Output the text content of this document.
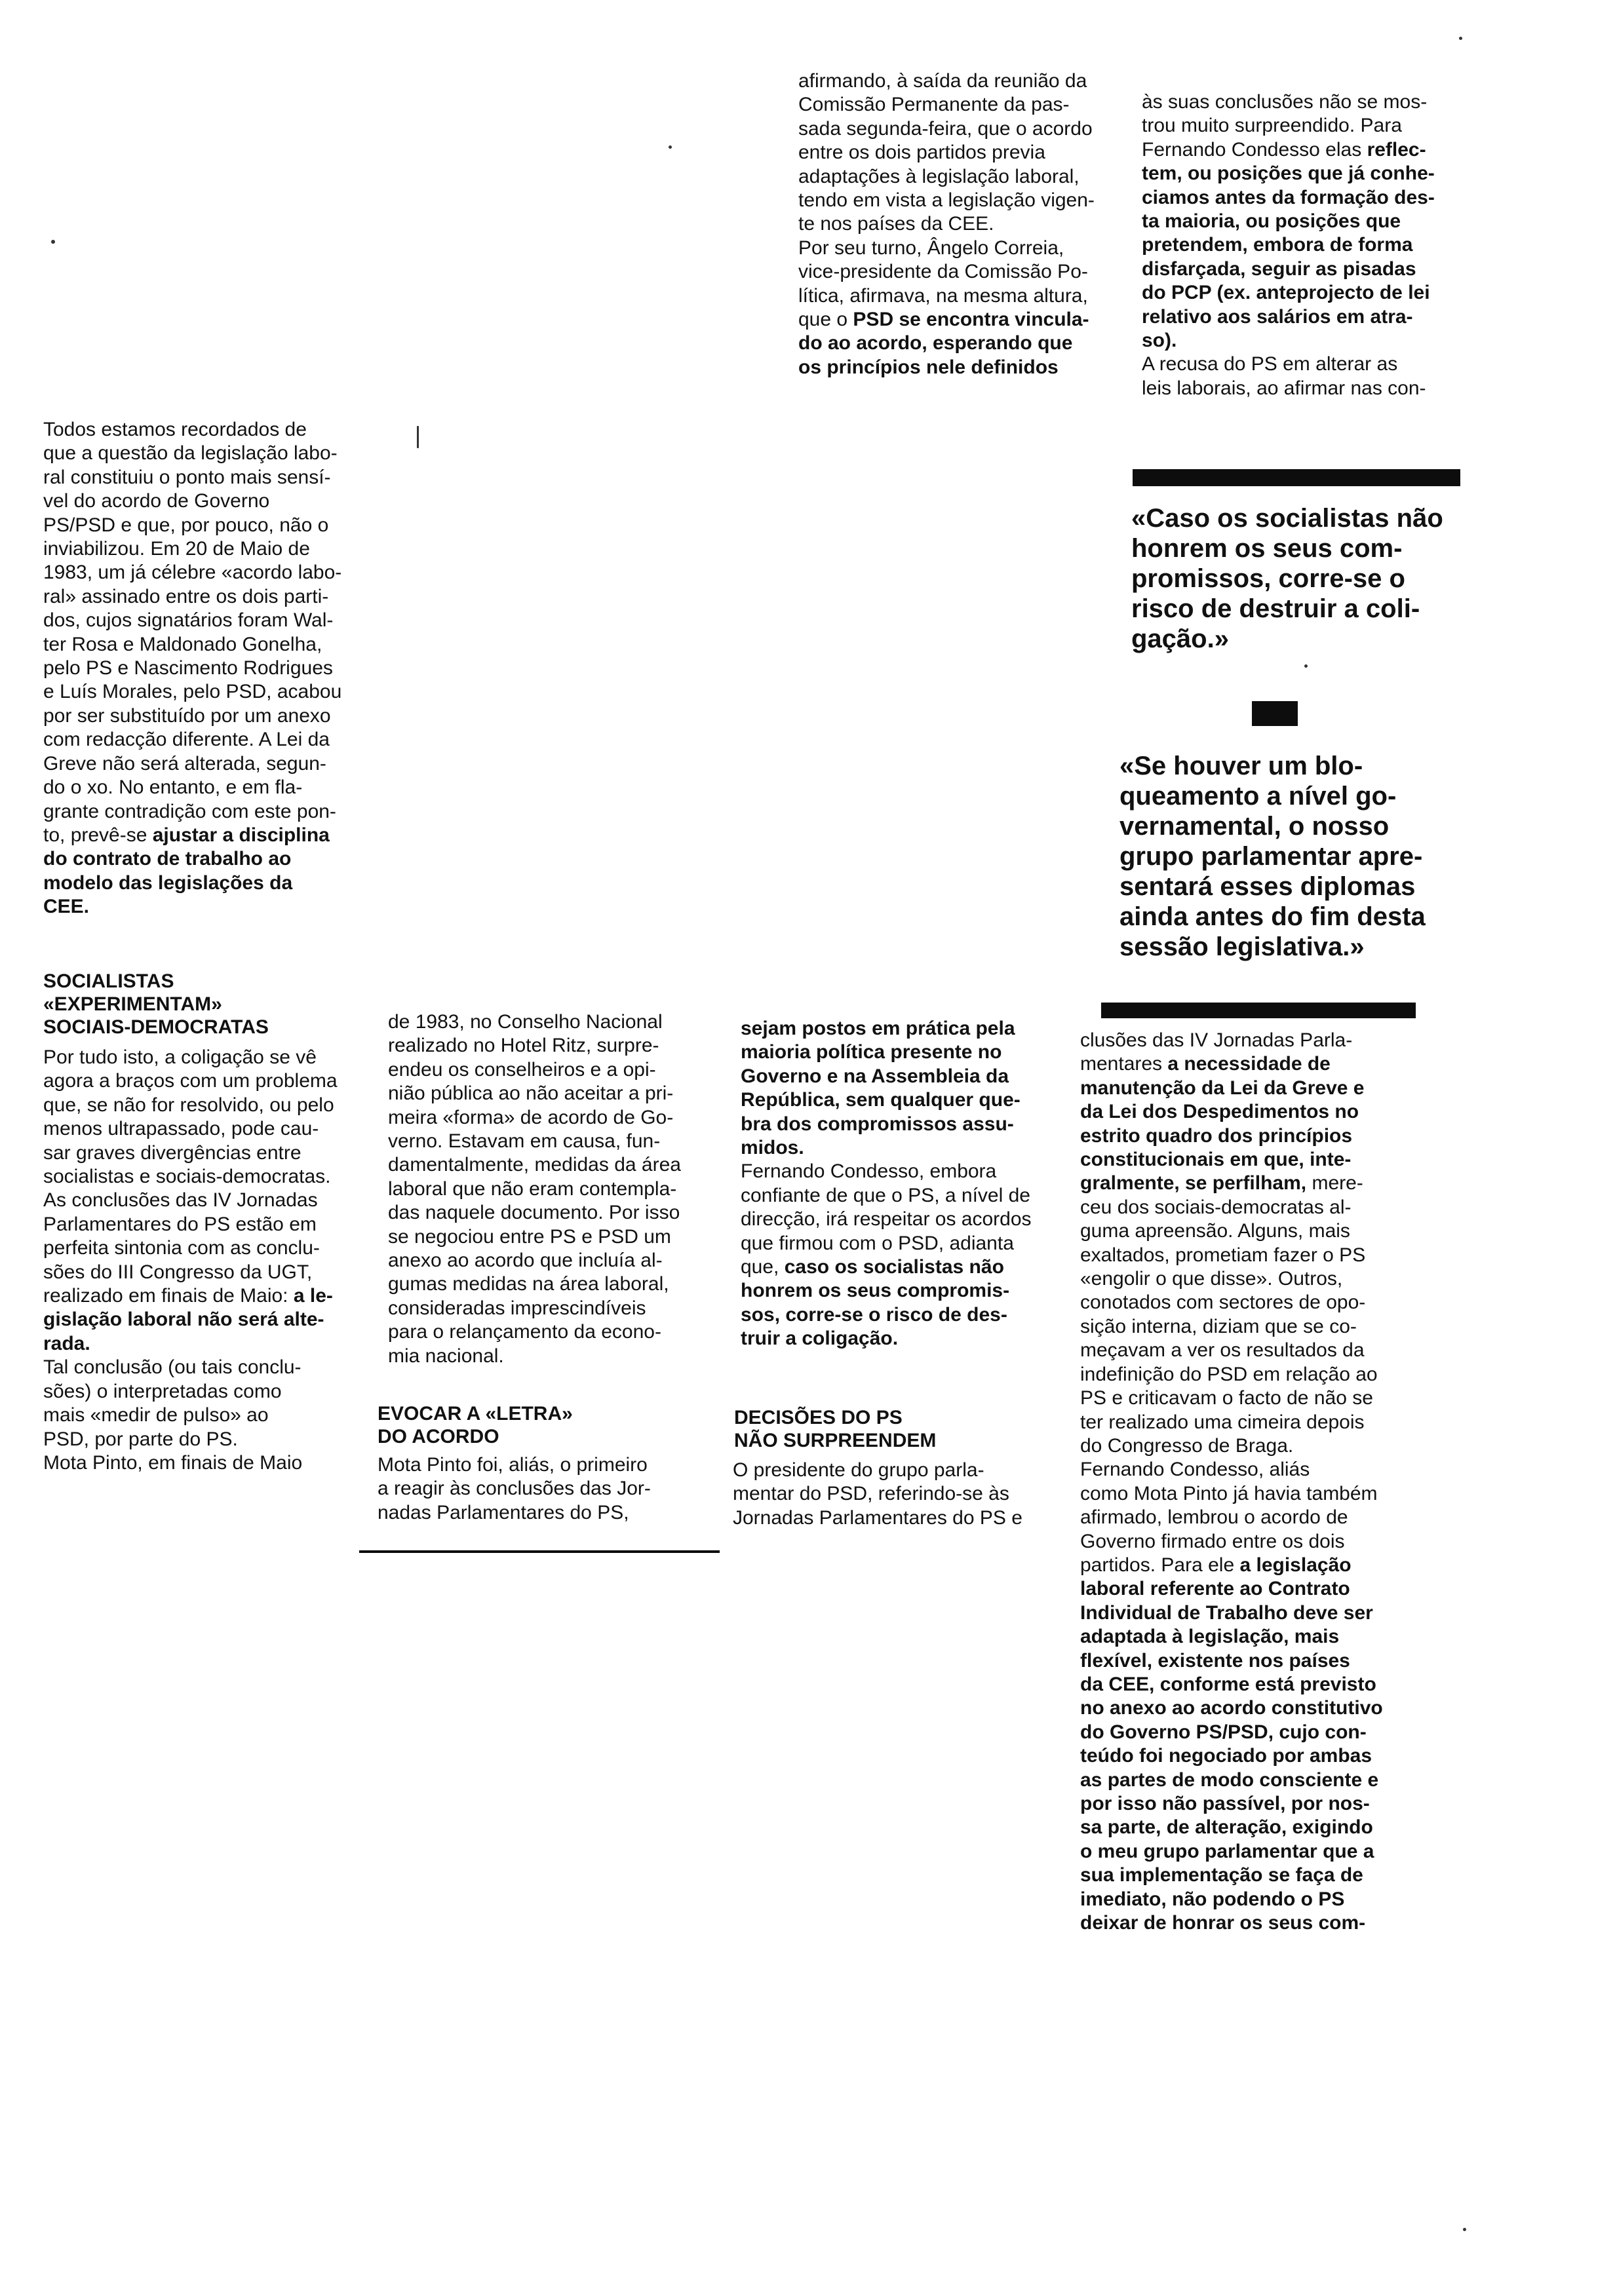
afirmando, à saída da reunião da
Comissão Permanente da pas-
sada segunda-feira, que o acordo
entre os dois partidos previa
adaptações à legislação laboral,
tendo em vista a legislação vigen-
te nos países da CEE.
Por seu turno, Ângelo Correia,
vice-presidente da Comissão Po-
lítica, afirmava, na mesma altura,
que o PSD se encontra vincula-
do ao acordo, esperando que
os princípios nele definidos

às suas conclusões não se mos-
trou muito surpreendido. Para
Fernando Condesso elas reflec-
tem, ou posições que já conhe-
ciamos antes da formação des-
ta maioria, ou posições que
pretendem, embora de forma
disfarçada, seguir as pisadas
do PCP (ex. anteprojecto de lei
relativo aos salários em atra-
so).
A recusa do PS em alterar as
leis laborais, ao afirmar nas con-

Todos estamos recordados de
que a questão da legislação labo-
ral constituiu o ponto mais sensí-
vel do acordo de Governo
PS/PSD e que, por pouco, não o
inviabilizou. Em 20 de Maio de
1983, um já célebre «acordo labo-
ral» assinado entre os dois parti-
dos, cujos signatários foram Wal-
ter Rosa e Maldonado Gonelha,
pelo PS e Nascimento Rodrigues
e Luís Morales, pelo PSD, acabou
por ser substituído por um anexo
com redacção diferente. A Lei da
Greve não será alterada, segun-
do o xo. No entanto, e em fla-
grante contradição com este pon-
to, prevê-se ajustar a disciplina
do contrato de trabalho ao
modelo das legislações da
CEE.

SOCIALISTAS
«EXPERIMENTAM»
SOCIAIS-DEMOCRATAS

Por tudo isto, a coligação se vê
agora a braços com um problema
que, se não for resolvido, ou pelo
menos ultrapassado, pode cau-
sar graves divergências entre
socialistas e sociais-democratas.
As conclusões das IV Jornadas
Parlamentares do PS estão em
perfeita sintonia com as conclu-
sões do III Congresso da UGT,
realizado em finais de Maio: a le-
gislação laboral não será alte-
rada.
Tal conclusão (ou tais conclu-
sões) o interpretadas como
mais «medir de pulso» ao
PSD, por parte do PS.
Mota Pinto, em finais de Maio

de 1983, no Conselho Nacional
realizado no Hotel Ritz, surpre-
endeu os conselheiros e a opi-
nião pública ao não aceitar a pri-
meira «forma» de acordo de Go-
verno. Estavam em causa, fun-
damentalmente, medidas da área
laboral que não eram contempla-
das naquele documento. Por isso
se negociou entre PS e PSD um
anexo ao acordo que incluía al-
gumas medidas na área laboral,
consideradas imprescindíveis
para o relançamento da econo-
mia nacional.

EVOCAR A «LETRA»
DO ACORDO

Mota Pinto foi, aliás, o primeiro
a reagir às conclusões das Jor-
nadas Parlamentares do PS,

sejam postos em prática pela
maioria política presente no
Governo e na Assembleia da
República, sem qualquer que-
bra dos compromissos assu-
midos.
Fernando Condesso, embora
confiante de que o PS, a nível de
direcção, irá respeitar os acordos
que firmou com o PSD, adianta
que, caso os socialistas não
honrem os seus compromis-
sos, corre-se o risco de des-
truir a coligação.

DECISÕES DO PS
NÃO SURPREENDEM

O presidente do grupo parla-
mentar do PSD, referindo-se às
Jornadas Parlamentares do PS e

clusões das IV Jornadas Parla-
mentares a necessidade de
manutenção da Lei da Greve e
da Lei dos Despedimentos no
estrito quadro dos princípios
constitucionais em que, inte-
gralmente, se perfilham, mere-
ceu dos sociais-democratas al-
guma apreensão. Alguns, mais
exaltados, prometiam fazer o PS
«engolir o que disse». Outros,
conotados com sectores de opo-
sição interna, diziam que se co-
meçavam a ver os resultados da
indefinição do PSD em relação ao
PS e criticavam o facto de não se
ter realizado uma cimeira depois
do Congresso de Braga.
Fernando Condesso, aliás
como Mota Pinto já havia também
afirmado, lembrou o acordo de
Governo firmado entre os dois
partidos. Para ele a legislação
laboral referente ao Contrato
Individual de Trabalho deve ser
adaptada à legislação, mais
flexível, existente nos países
da CEE, conforme está previsto
no anexo ao acordo constitutivo
do Governo PS/PSD, cujo con-
teúdo foi negociado por ambas
as partes de modo consciente e
por isso não passível, por nos-
sa parte, de alteração, exigindo
o meu grupo parlamentar que a
sua implementação se faça de
imediato, não podendo o PS
deixar de honrar os seus com-

«Caso os socialistas não
honrem os seus com-
promissos, corre-se o
risco de destruir a coli-
gação.»

«Se houver um blo-
queamento a nível go-
vernamental, o nosso
grupo parlamentar apre-
sentará esses diplomas
ainda antes do fim desta
sessão legislativa.»
